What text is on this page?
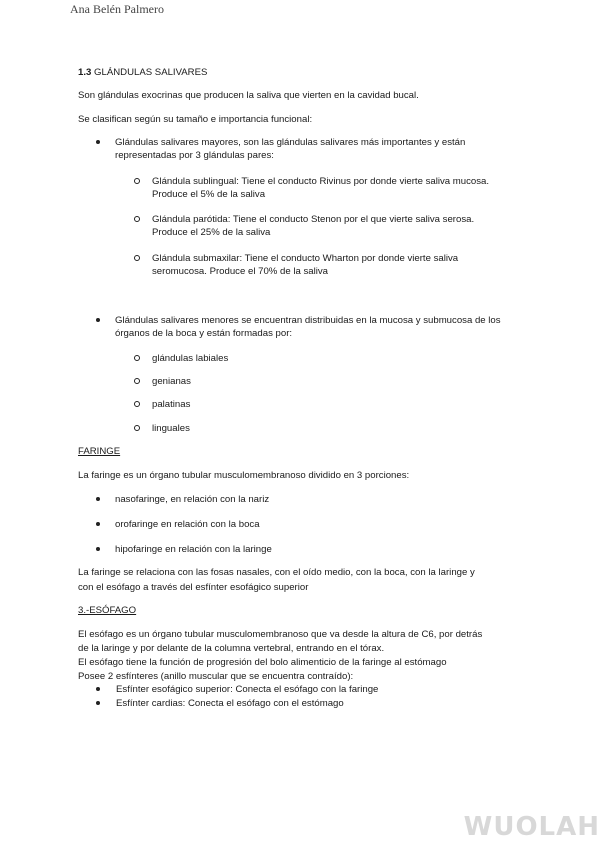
Ana Belén Palmero
1.3 GLÁNDULAS SALIVARES
Son glándulas exocrinas que producen la saliva que vierten en la cavidad bucal.
Se clasifican según su tamaño e importancia funcional:
Glándulas salivares mayores, son las glándulas salivares más importantes y están representadas por 3 glándulas pares:
Glándula sublingual: Tiene el conducto Rivinus por donde vierte saliva mucosa. Produce el 5% de la saliva
Glándula parótida: Tiene el conducto Stenon por el que vierte saliva serosa. Produce el 25% de la saliva
Glándula submaxilar: Tiene el conducto Wharton por donde vierte saliva seromucosa. Produce el 70% de la saliva
Glándulas salivares menores se encuentran distribuidas en la mucosa y submucosa de los órganos de la boca y están formadas por:
glándulas labiales
genianas
palatinas
linguales
FARINGE
La faringe es un órgano tubular musculomembranoso dividido en 3 porciones:
nasofaringe, en relación con la nariz
orofaringe en relación con la boca
hipofaringe en relación con la laringe
La faringe se relaciona con las fosas nasales, con el oído medio, con la boca, con la laringe y
con el esófago a través del esfínter esofágico superior
3.-ESÓFAGO
El esófago es un órgano tubular musculomembranoso que va desde la altura de C6, por detrás
de la laringe y por delante de la columna vertebral, entrando en el tórax.
El esófago tiene la función de progresión del bolo alimenticio de la faringe al estómago
Posee 2 esfínteres (anillo muscular que se encuentra contraído):
Esfínter esofágico superior: Conecta el esófago con la faringe
Esfínter cardias: Conecta el esófago con el estómago
WUOLAH
